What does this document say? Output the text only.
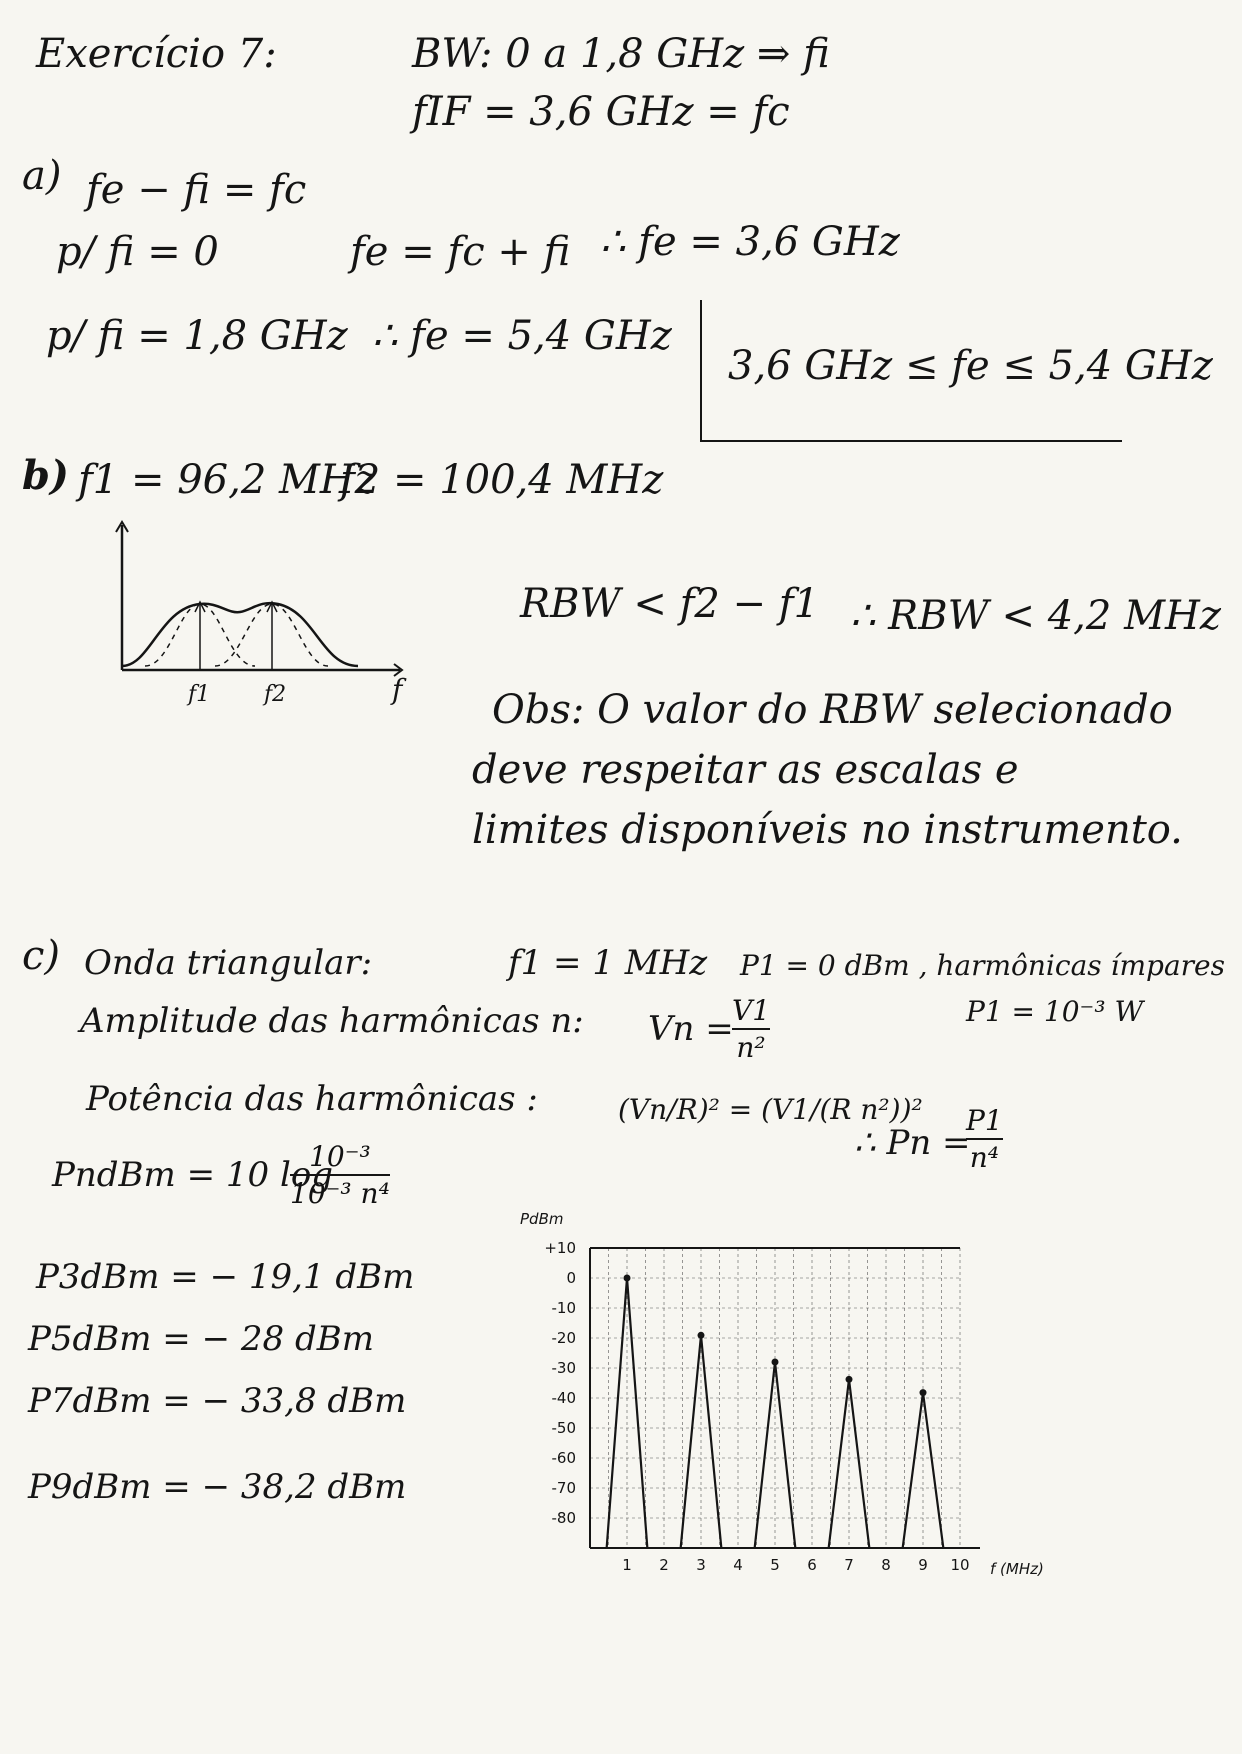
Exercício 7:	BW: 0 a 1,8 GHz ⇒ fi
fIF = 3,6 GHz = fc
a) fe − fi = fc
p/ fi = 0	fe = fc + fi ∴ fe = 3,6 GHz
p/ fi = 1,8 GHz ∴ fe = 5,4 GHz
3,6 GHz ≤ fe ≤ 5,4 GHz
b) f1 = 96,2 MHz
f2 = 100,4 MHz
f1 f2	f
RBW < f2 − f1 ∴ RBW < 4,2 MHz
Obs: O valor do RBW selecionado
deve respeitar as escalas e
limites disponíveis no instrumento.
c) Onda triangular:	f1 = 1 MHz P1 = 0 dBm , harmônicas ímpares
P1 = 10⁻³ W
Amplitude das harmônicas n: Vn =
V1
n²
Potência das harmônicas :	(Vn/R)² = (V1/(R n²))²
∴ Pn =
P1
n⁴
PndBm = 10 log
10⁻³
10⁻³ n⁴
P3dBm = − 19,1 dBm
P5dBm = − 28 dBm
P7dBm = − 33,8 dBm
P9dBm = − 38,2 dBm
+10
0
-10
-20
-30
-40
-50
-60
-70
-80
1 2 3 4 5 6 7 8 9 10
PdBm
f (MHz)
